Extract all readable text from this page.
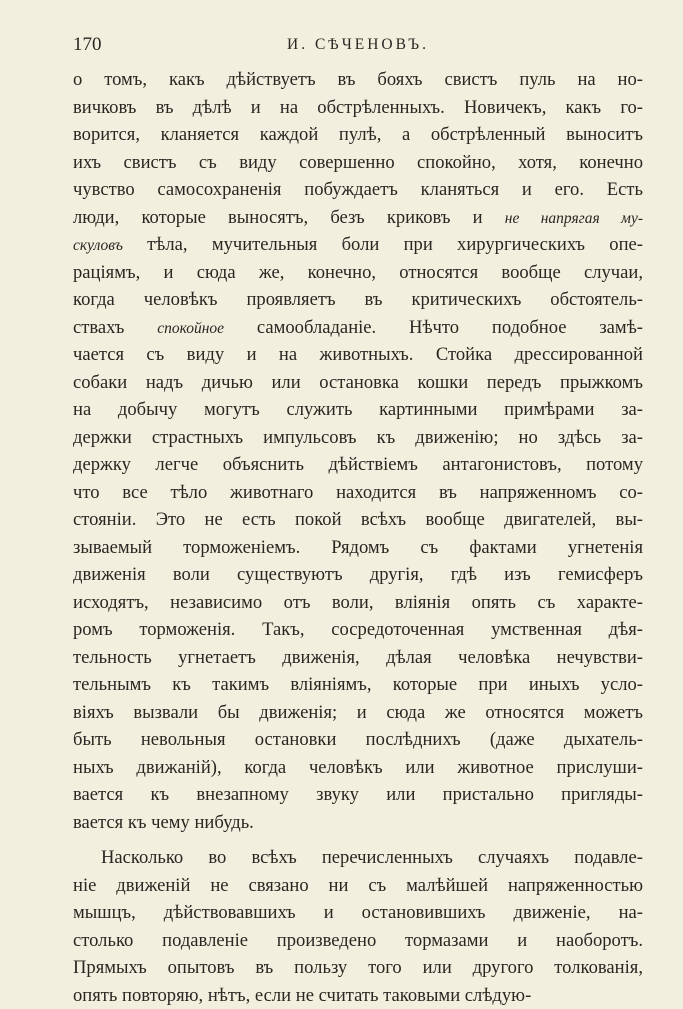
170	И. СѢЧЕНОВЪ.
о томъ, какъ дѣйствуетъ въ бояхъ свистъ пуль на но-
вичковъ въ дѣлѣ и на обстрѣленныхъ. Новичекъ, какъ го-
ворится, кланяется каждой пулѣ, а обстрѣленный выноситъ
ихъ свистъ съ виду совершенно спокойно, хотя, конечно
чувство самосохраненія побуждаетъ кланяться и его. Есть
люди, которые выносятъ, безъ криковъ и не напрягая му-
скуловъ тѣла, мучительныя боли при хирургическихъ опе-
раціямъ, и сюда же, конечно, относятся вообще случаи,
когда человѣкъ проявляетъ въ критическихъ обстоятель-
ствахъ спокойное самообладаніе. Нѣчто подобное замѣ-
чается съ виду и на животныхъ. Стойка дрессированной
собаки надъ дичью или остановка кошки передъ прыжкомъ
на добычу могутъ служить картинными примѣрами за-
держки страстныхъ импульсовъ къ движенію; но здѣсь за-
держку легче объяснить дѣйствіемъ антагонистовъ, потому
что все тѣло животнаго находится въ напряженномъ со-
стояніи. Это не есть покой всѣхъ вообще двигателей, вы-
зываемый торможеніемъ. Рядомъ съ фактами угнетенія
движенія воли существуютъ другія, гдѣ изъ гемисферъ
исходятъ, независимо отъ воли, вліянія опять съ характе-
ромъ торможенія. Такъ, сосредоточенная умственная дѣя-
тельность угнетаетъ движенія, дѣлая человѣка нечувстви-
тельнымъ къ такимъ вліяніямъ, которые при иныхъ усло-
віяхъ вызвали бы движенія; и сюда же относятся можетъ
быть невольныя остановки послѣднихъ (даже дыхатель-
ныхъ движаній), когда человѣкъ или животное прислуши-
вается къ внезапному звуку или пристально пригляды-
вается къ чему нибудь.
Насколько во всѣхъ перечисленныхъ случаяхъ подавле-
ніе движеній не связано ни съ малѣйшей напряженностью
мышцъ, дѣйствовавшихъ и остановившихъ движеніе, на-
столько подавленіе произведено тормазами и наоборотъ.
Прямыхъ опытовъ въ пользу того или другого толкованія,
опять повторяю, нѣтъ, если не считать таковыми слѣдую-
